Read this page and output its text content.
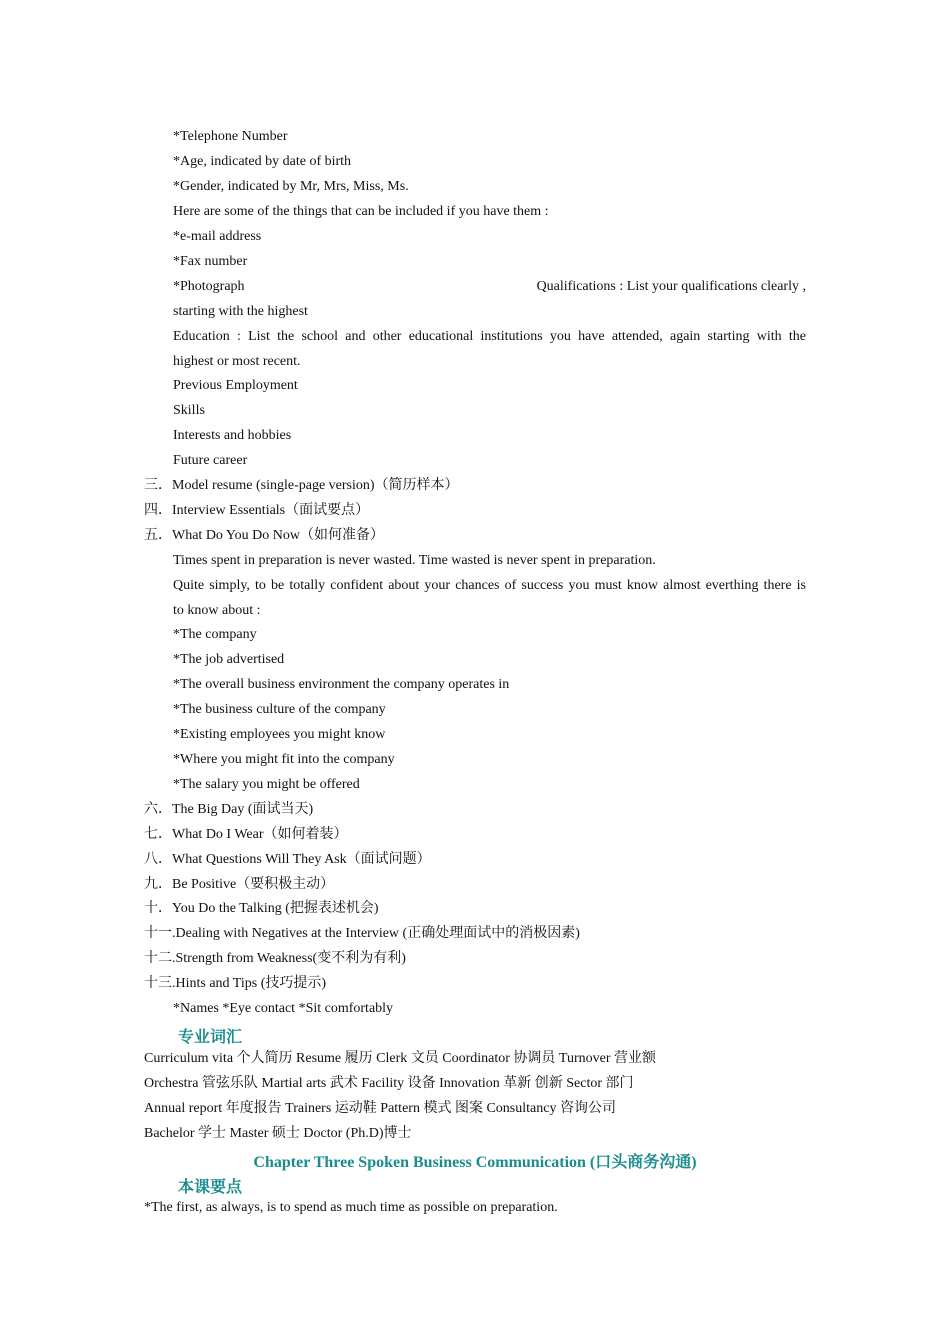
*Telephone Number
*Age, indicated by date of birth
*Gender, indicated by Mr, Mrs, Miss, Ms.
Here are some of the things that can be included if you have them :
*e-mail address
*Fax number
*Photograph	Qualifications : List your qualifications clearly ,
starting with the highest
Education : List the school and other educational institutions you have attended, again starting with the
highest or most recent.
Previous Employment
Skills
Interests and hobbies
Future career
三．Model resume (single-page version)（简历样本）
四．Interview Essentials（面试要点）
五．What Do You Do Now（如何准备）
Times spent in preparation is never wasted. Time wasted is never spent in preparation.
Quite simply, to be totally confident about your chances of success you must know almost everthing there is
to know about :
*The company
*The job advertised
*The overall business environment the company operates in
*The business culture of the company
*Existing employees you might know
*Where you might fit into the company
*The salary you might be offered
六．The Big Day (面试当天)
七．What Do I Wear（如何着装）
八．What Questions Will They Ask（面试问题）
九．Be Positive（要积极主动）
十．You Do the Talking (把握表述机会)
十一.Dealing with Negatives at the Interview (正确处理面试中的消极因素)
十二.Strength from Weakness(变不利为有利)
十三.Hints and Tips (技巧提示)
*Names *Eye contact *Sit comfortably
专业词汇
Curriculum vita 个人简历 Resume 履历 Clerk 文员 Coordinator 协调员 Turnover 营业额
Orchestra 管弦乐队 Martial arts 武术 Facility 设备 Innovation 革新 创新 Sector 部门
Annual report 年度报告 Trainers 运动鞋 Pattern 模式 图案 Consultancy 咨询公司
Bachelor 学士 Master 硕士 Doctor (Ph.D)博士
Chapter Three Spoken Business Communication (口头商务沟通)
本课要点
*The first, as always, is to spend as much time as possible on preparation.
